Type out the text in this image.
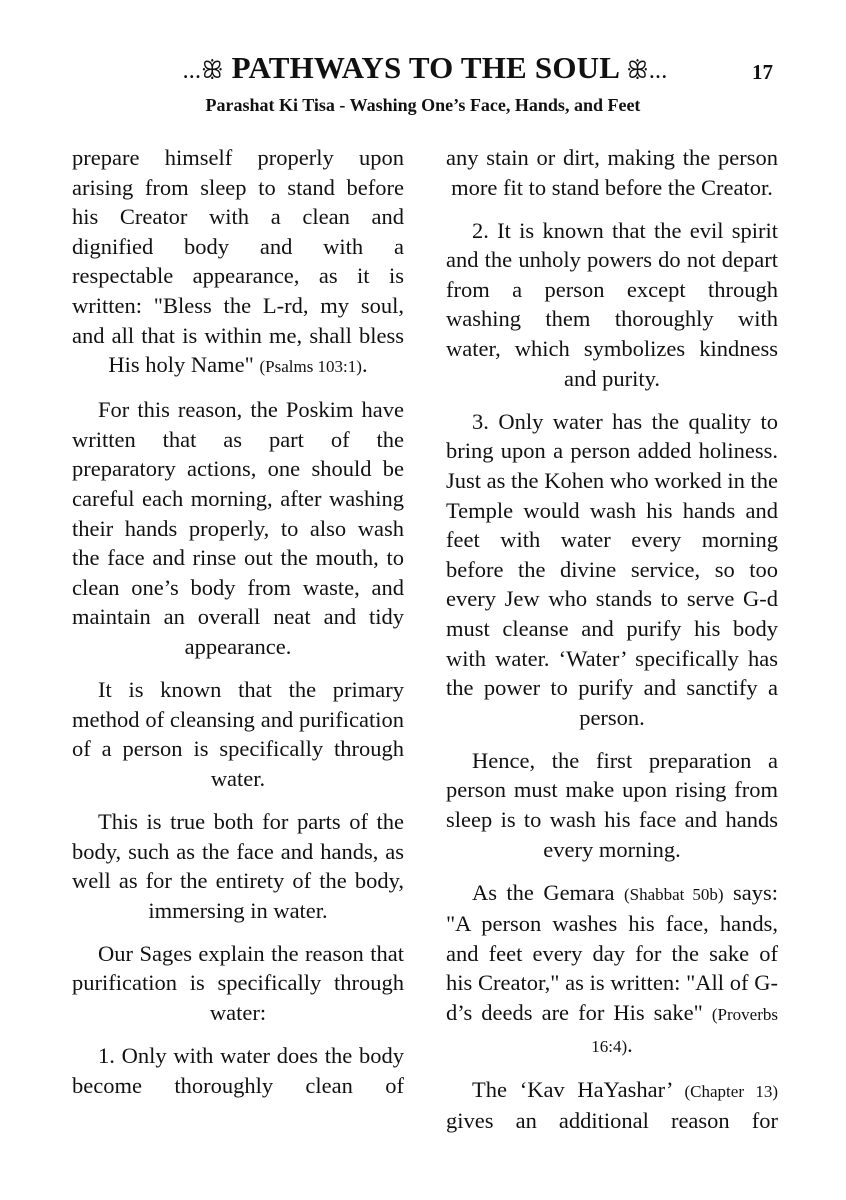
...ꕥ PATHWAYS TO THE SOUL ꕥ...	17
Parashat Ki Tisa - Washing One’s Face, Hands, and Feet

prepare himself properly upon arising from sleep to stand before his Creator with a clean and dignified body and with a respectable appearance, as it is written: "Bless the L-rd, my soul, and all that is within me, shall bless His holy Name" (Psalms 103:1).

For this reason, the Poskim have written that as part of the preparatory actions, one should be careful each morning, after washing their hands properly, to also wash the face and rinse out the mouth, to clean one’s body from waste, and maintain an overall neat and tidy appearance.

It is known that the primary method of cleansing and purification of a person is specifically through water.

This is true both for parts of the body, such as the face and hands, as well as for the entirety of the body, immersing in water.

Our Sages explain the reason that purification is specifically through water:

1. Only with water does the body become thoroughly clean of

any stain or dirt, making the person more fit to stand before the Creator.

2. It is known that the evil spirit and the unholy powers do not depart from a person except through washing them thoroughly with water, which symbolizes kindness and purity.

3. Only water has the quality to bring upon a person added holiness. Just as the Kohen who worked in the Temple would wash his hands and feet with water every morning before the divine service, so too every Jew who stands to serve G-d must cleanse and purify his body with water. ‘Water’ specifically has the power to purify and sanctify a person.

Hence, the first preparation a person must make upon rising from sleep is to wash his face and hands every morning.

As the Gemara (Shabbat 50b) says: "A person washes his face, hands, and feet every day for the sake of his Creator," as is written: "All of G-d’s deeds are for His sake" (Proverbs 16:4).

The ‘Kav HaYashar’ (Chapter 13) gives an additional reason for
